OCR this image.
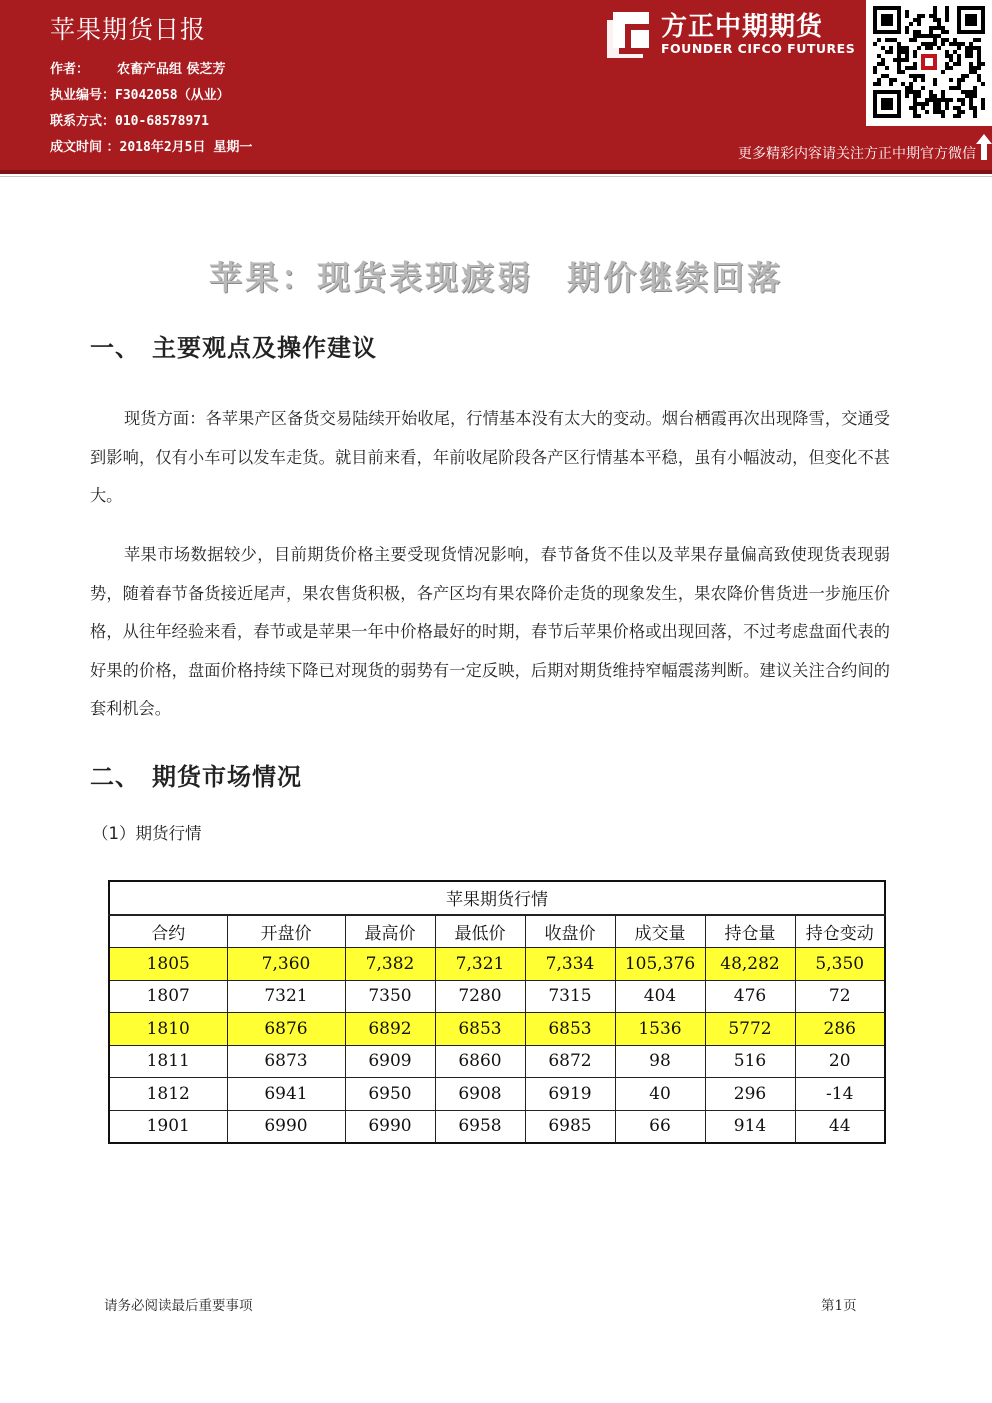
苹果期货日报
作者： 农畜产品组 侯芝芳
执业编号：F3042058（从业）
联系方式：010-68578971
成文时间 ：2018年2月5日 星期一
方正中期期货
FOUNDER CIFCO FUTURES
更多精彩内容请关注方正中期官方微信
苹果：现货表现疲弱 期价继续回落
一、 主要观点及操作建议

现货方面：各苹果产区备货交易陆续开始收尾，行情基本没有太大的变动。烟台栖霞再次出现降雪，交通受到影响，仅有小车可以发车走货。就目前来看，年前收尾阶段各产区行情基本平稳，虽有小幅波动，但变化不甚大。

苹果市场数据较少，目前期货价格主要受现货情况影响，春节备货不佳以及苹果存量偏高致使现货表现弱势，随着春节备货接近尾声，果农售货积极，各产区均有果农降价走货的现象发生，果农降价售货进一步施压价格，从往年经验来看，春节或是苹果一年中价格最好的时期，春节后苹果价格或出现回落，不过考虑盘面代表的好果的价格，盘面价格持续下降已对现货的弱势有一定反映，后期对期货维持窄幅震荡判断。建议关注合约间的套利机会。

二、 期货市场情况
（1）期货行情
苹果期货行情							
合约	开盘价	最高价	最低价	收盘价	成交量	持仓量	持仓变动
1805	7,360	7,382	7,321	7,334	105,376	48,282	5,350
1807	7321	7350	7280	7315	404	476	72
1810	6876	6892	6853	6853	1536	5772	286
1811	6873	6909	6860	6872	98	516	20
1812	6941	6950	6908	6919	40	296	-14
1901	6990	6990	6958	6985	66	914	44
请务必阅读最后重要事项	第1页
